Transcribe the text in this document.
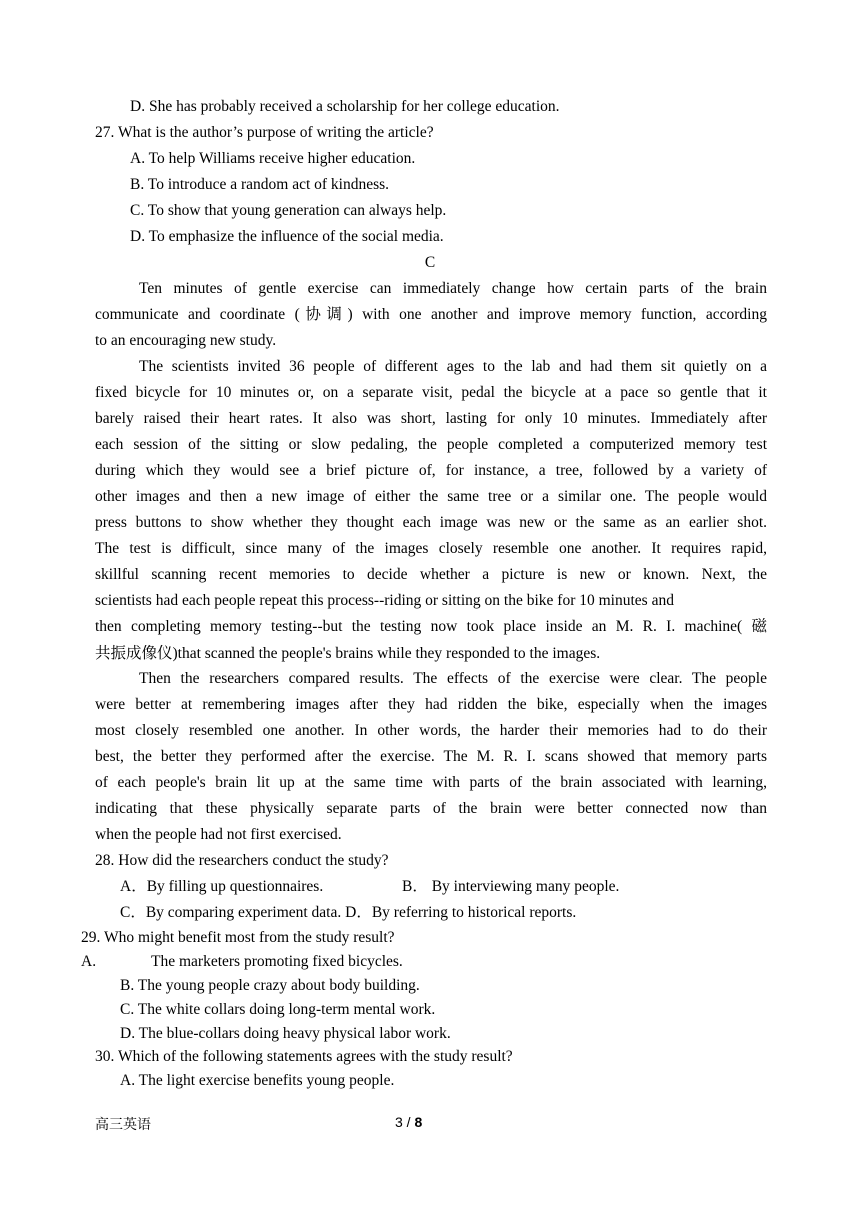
D. She has probably received a scholarship for her college education.
27. What is the author’s purpose of writing the article?
A. To help Williams receive higher education.
B. To introduce a random act of kindness.
C. To show that young generation can always help.
D. To emphasize the influence of the social media.
C
Ten minutes of gentle exercise can immediately change how certain parts of the brain
communicate and coordinate (协调) with one another and improve memory function, according
to an encouraging new study.
The scientists invited 36 people of different ages to the lab and had them sit quietly on a
fixed bicycle for 10 minutes or, on a separate visit, pedal the bicycle at a pace so gentle that it
barely raised their heart rates. It also was short, lasting for only 10 minutes. Immediately after
each session of the sitting or slow pedaling, the people completed a computerized memory test
during which they would see a brief picture of, for instance, a tree, followed by a variety of
other images and then a new image of either the same tree or a similar one. The people would
press buttons to show whether they thought each image was new or the same as an earlier shot.
The test is difficult, since many of the images closely resemble one another. It requires rapid,
skillful scanning recent memories to decide whether a picture is new or known. Next, the
scientists had each people repeat this process--riding or sitting on the bike for 10 minutes and
then completing memory testing--but the testing now took place inside an M. R. I. machine( 磁
共振成像仪)that scanned the people's brains while they responded to the images.
Then the researchers compared results. The effects of the exercise were clear. The people
were better at remembering images after they had ridden the bike, especially when the images
most closely resembled one another. In other words, the harder their memories had to do their
best, the better they performed after the exercise. The M. R. I. scans showed that memory parts
of each people's brain lit up at the same time with parts of the brain associated with learning,
indicating that these physically separate parts of the brain were better connected now than
when the people had not first exercised.
28. How did the researchers conduct the study?
A．By filling up questionnaires.	B． By interviewing many people.
C．By comparing experiment data. D．By referring to historical reports.
29. Who might benefit most from the study result?
A.	The marketers promoting fixed bicycles.
B. The young people crazy about body building.
C. The white collars doing long-term mental work.
D. The blue-collars doing heavy physical labor work.
30. Which of the following statements agrees with the study result?
A. The light exercise benefits young people.
高三英语	3 / 8
